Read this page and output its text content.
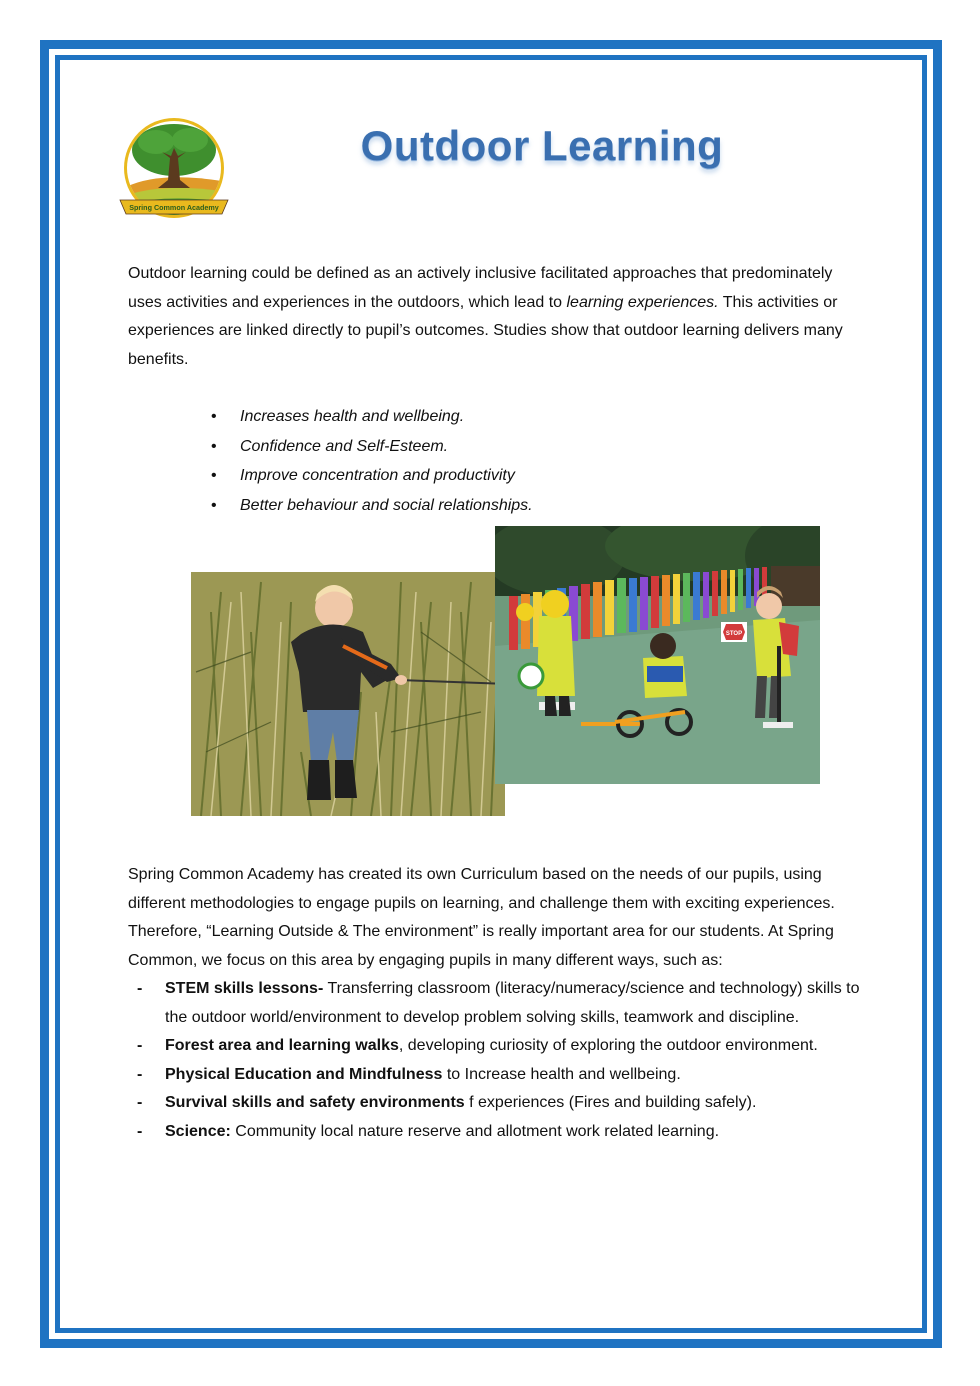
Spring Common Academy
Outdoor Learning

Outdoor learning could be defined as an actively inclusive facilitated approaches that predominately uses activities and experiences in the outdoors, which lead to learning experiences. This activities or experiences are linked directly to pupil’s outcomes. Studies show that outdoor learning delivers many benefits.

• Increases health and wellbeing.
• Confidence and Self-Esteem.
• Improve concentration and productivity
• Better behaviour and social relationships.
STOP

Spring Common Academy has created its own Curriculum based on the needs of our pupils, using different methodologies to engage pupils on learning, and challenge them with exciting experiences. Therefore, “Learning Outside & The environment” is really important area for our students. At Spring Common, we focus on this area by engaging pupils in many different ways, such as:

- STEM skills lessons- Transferring classroom (literacy/numeracy/science and technology) skills to the outdoor world/environment to develop problem solving skills, teamwork and discipline.
- Forest area and learning walks, developing curiosity of exploring the outdoor environment.
- Physical Education and Mindfulness to Increase health and wellbeing.
- Survival skills and safety environments f experiences (Fires and building safely).
- Science: Community local nature reserve and allotment work related learning.
